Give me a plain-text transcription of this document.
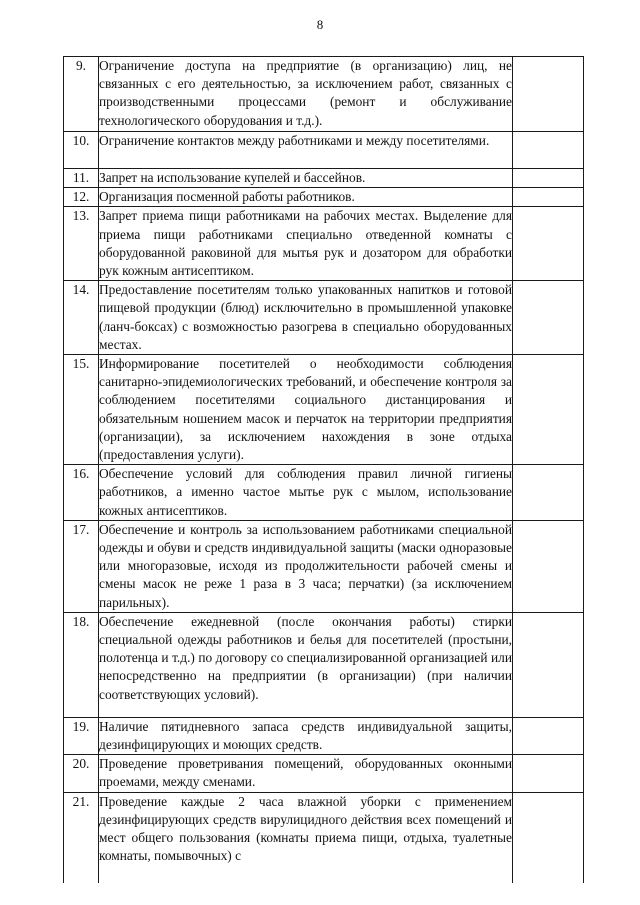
8
9.	Ограничение доступа на предприятие (в организацию) лиц, не связанных с его деятельностью, за исключением работ, связанных с производственными процессами (ремонт и обслуживание технологического оборудования и т.д.).	
10.	Ограничение контактов между работниками и между посетителями.	
11.	Запрет на использование купелей и бассейнов.	
12.	Организация посменной работы работников.	
13.	Запрет приема пищи работниками на рабочих местах. Выделение для приема пищи работниками специально отведенной комнаты с оборудованной раковиной для мытья рук и дозатором для обработки рук кожным антисептиком.	
14.	Предоставление посетителям только упакованных напитков и готовой пищевой продукции (блюд) исключительно в промышленной упаковке (ланч-боксах) с возможностью разогрева в специально оборудованных местах.	
15.	Информирование посетителей о необходимости соблюдения санитарно-эпидемиологических требований, и обеспечение контроля за соблюдением посетителями социального дистанцирования и обязательным ношением масок и перчаток на территории предприятия (организации), за исключением нахождения в зоне отдыха (предоставления услуги).	
16.	Обеспечение условий для соблюдения правил личной гигиены работников, а именно частое мытье рук с мылом, использование кожных антисептиков.	
17.	Обеспечение и контроль за использованием работниками специальной одежды и обуви и средств индивидуальной защиты (маски одноразовые или многоразовые, исходя из продолжительности рабочей смены и смены масок не реже 1 раза в 3 часа; перчатки) (за исключением парильных).	
18.	Обеспечение ежедневной (после окончания работы) стирки специальной одежды работников и белья для посетителей (простыни, полотенца и т.д.) по договору со специализированной организацией или непосредственно на предприятии (в организации) (при наличии соответствующих условий).	
19.	Наличие пятидневного запаса средств индивидуальной защиты, дезинфицирующих и моющих средств.	
20.	Проведение проветривания помещений, оборудованных оконными проемами, между сменами.	
21.	Проведение каждые 2 часа влажной уборки с применением дезинфицирующих средств вирулицидного действия всех помещений и мест общего пользования (комнаты приема пищи, отдыха, туалетные комнаты, помывочных) с	
